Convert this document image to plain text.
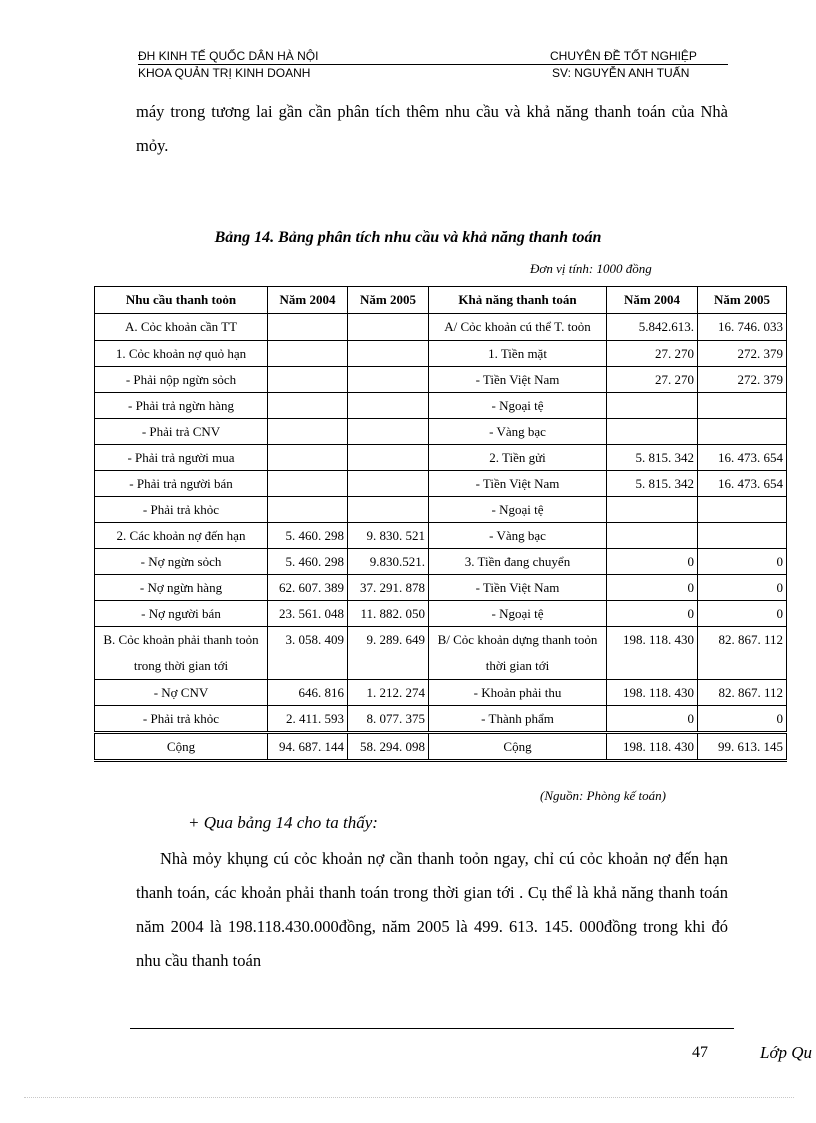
ĐH KINH TẾ QUỐC DÂN HÀ NỘI
KHOA QUẢN TRỊ KINH DOANH
CHUYÊN ĐỀ TỐT NGHIỆP
SV: NGUYỄN ANH TUẤN
máy trong tương lai gần cần phân tích thêm nhu cầu và khả năng thanh toán của Nhà mỏy.
Bảng 14. Bảng phân tích nhu cầu và khả năng thanh toán
Đơn vị tính: 1000 đồng
Nhu cầu thanh toỏn	Năm 2004	Năm 2005	Khả năng thanh toán	Năm 2004	Năm 2005
A. Cỏc khoản cần TT			A/ Cỏc khoản cú thể T. toỏn	5.842.613.	16. 746. 033
1. Cỏc khoản nợ quỏ hạn			1. Tiền mặt	27. 270	272. 379
- Phải nộp ngừn sỏch			- Tiền Việt Nam	27. 270	272. 379
- Phải trả ngừn hàng			- Ngoại tệ		
- Phải trả CNV			- Vàng bạc		
- Phải trả người mua			2. Tiền gửi	5. 815. 342	16. 473. 654
- Phải trả người bán			- Tiền Việt Nam	5. 815. 342	16. 473. 654
- Phải trả khỏc			- Ngoại tệ		
2. Các khoản nợ đến hạn	5. 460. 298	9. 830. 521	- Vàng bạc		
- Nợ ngừn sỏch	5. 460. 298	9.830.521.	3. Tiền đang chuyển	0	0
- Nợ ngừn hàng	62. 607. 389	37. 291. 878	- Tiền Việt Nam	0	0
- Nợ người bán	23. 561. 048	11. 882. 050	- Ngoại tệ	0	0
B. Cỏc khoản phải thanh toỏn trong thời gian tới	3. 058. 409	9. 289. 649	B/ Cỏc khoản dựng thanh toỏn thời gian tới	198. 118. 430	82. 867. 112
- Nợ CNV	646. 816	1. 212. 274	- Khoản phải thu	198. 118. 430	82. 867. 112
- Phải trả khỏc	2. 411. 593	8. 077. 375	- Thành phẩm	0	0
Cộng	94. 687. 144	58. 294. 098	Cộng	198. 118. 430	99. 613. 145
(Nguồn: Phòng kế toán)
+ Qua bảng 14 cho ta thấy:
Nhà mỏy khụng cú cỏc khoản nợ cần thanh toỏn ngay, chỉ cú cỏc khoản nợ đến hạn thanh toán, các khoản phải thanh toán trong thời gian tới . Cụ thể là khả năng thanh toán năm 2004 là 198.118.430.000đồng, năm 2005 là 499. 613. 145. 000đồng trong khi đó nhu cầu thanh toán
47	Lớp Qu
